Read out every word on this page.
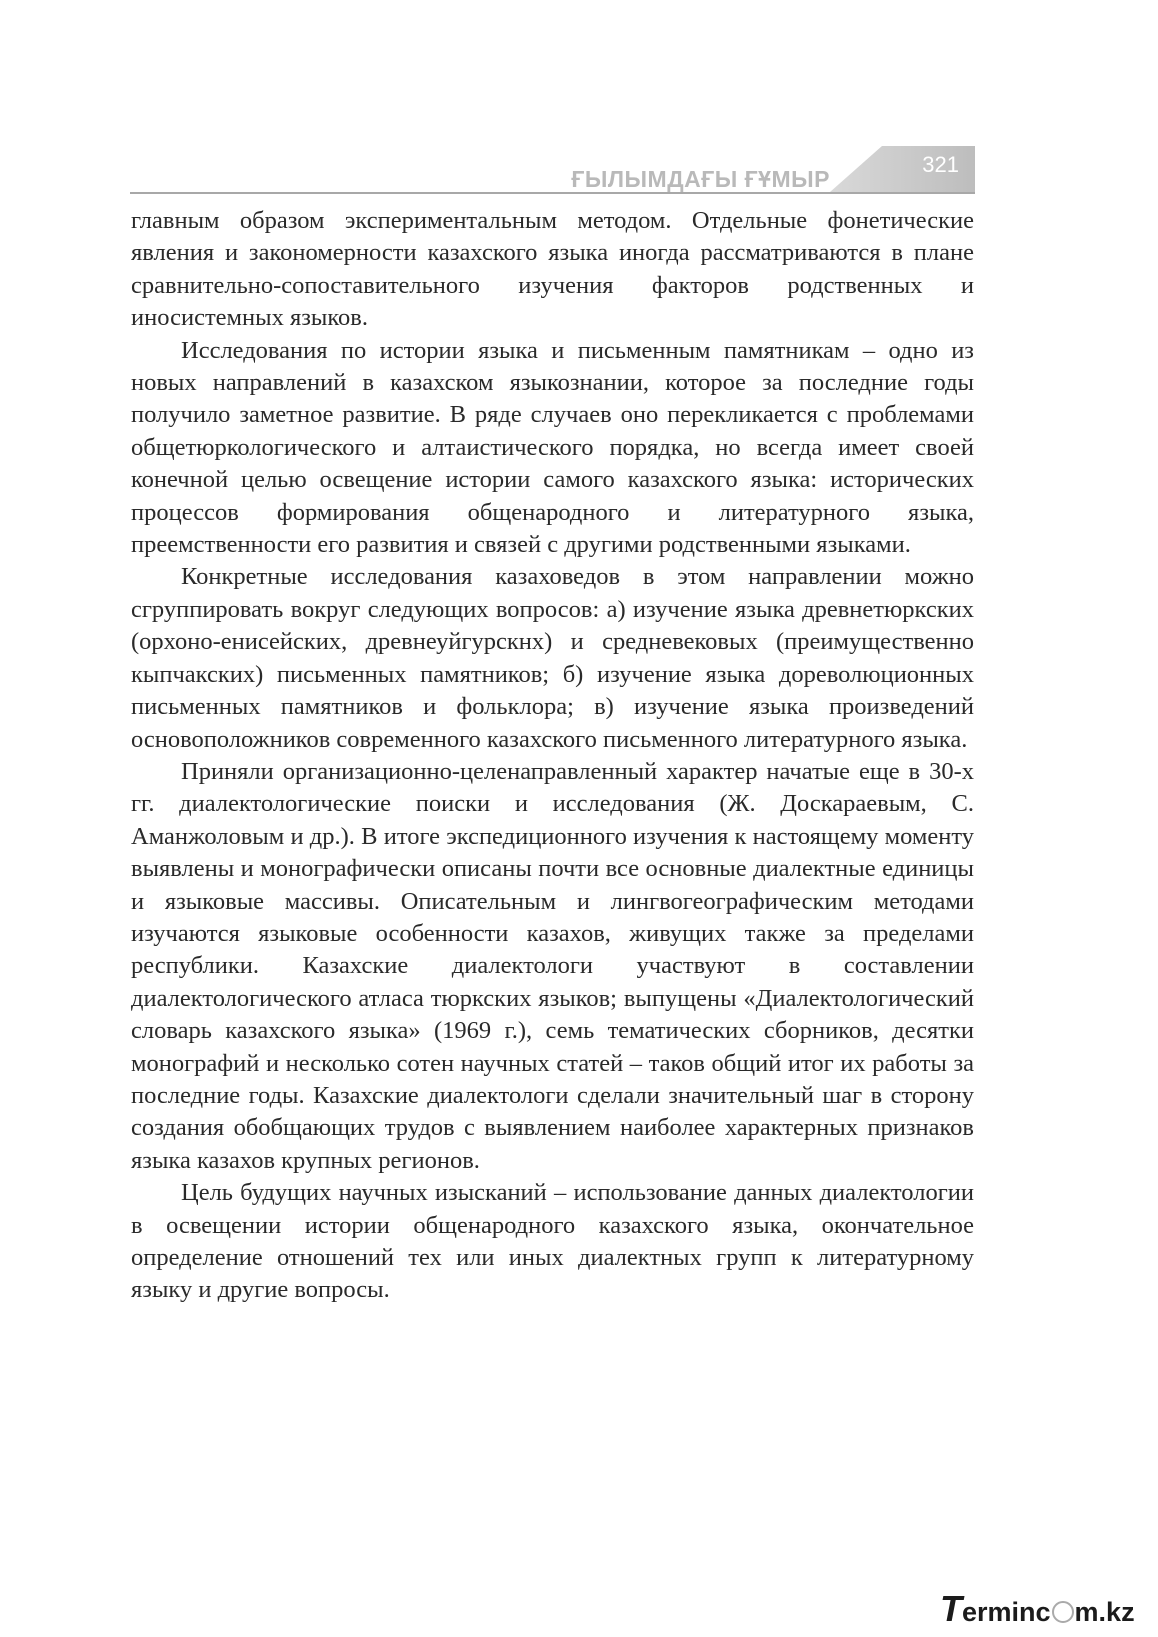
ҒЫЛЫМДАҒЫ ҒҰМЫР
321

главным образом экспериментальным методом. Отдельные фонетические явления и закономерности казахского языка иногда рассматриваются в плане сравнительно-сопоставительного изучения факторов родственных и иносистемных языков.

Исследования по истории языка и письменным памятникам – одно из новых направлений в казахском языкознании, которое за последние годы получило заметное развитие. В ряде случаев оно перекликается с проблемами общетюркологического и алтаистического порядка, но всегда имеет своей конечной целью освещение истории самого казахского языка: исторических процессов формирования общенародного и литературного языка, преемственности его развития и связей с другими родственными языками.

Конкретные исследования казаховедов в этом направлении можно сгруппировать вокруг следующих вопросов: а) изучение языка древнетюркских (орхоно-енисейских, древнеуйгурскнх) и средневековых (преимущественно кыпчакских) письменных памятников; б) изучение языка дореволюционных письменных памятников и фольклора; в) изучение языка произведений основоположников современного казахского письменного литературного языка.

Приняли организационно-целенаправленный характер начатые еще в 30-х гг. диалектологические поиски и исследования (Ж. Доскараевым, С. Аманжоловым и др.). В итоге экспедиционного изучения к настоящему моменту выявлены и монографически описаны почти все основные диалектные единицы и языковые массивы. Описательным и лингвогеографическим методами изучаются языковые особенности казахов, живущих также за пределами республики. Казахские диалектологи участвуют в составлении диалектологического атласа тюркских языков; выпущены «Диалектологический словарь казахского языка» (1969 г.), семь тематических сборников, десятки монографий и несколько сотен научных статей – таков общий итог их работы за последние годы. Казахские диалектологи сделали значительный шаг в сторону создания обобщающих трудов с выявлением наиболее характерных признаков языка казахов крупных регионов.

Цель будущих научных изысканий – использование данных диалектологии в освещении истории общенародного казахского языка, окончательное определение отношений тех или иных диалектных групп к литературному языку и другие вопросы.

Terminc m.kz
